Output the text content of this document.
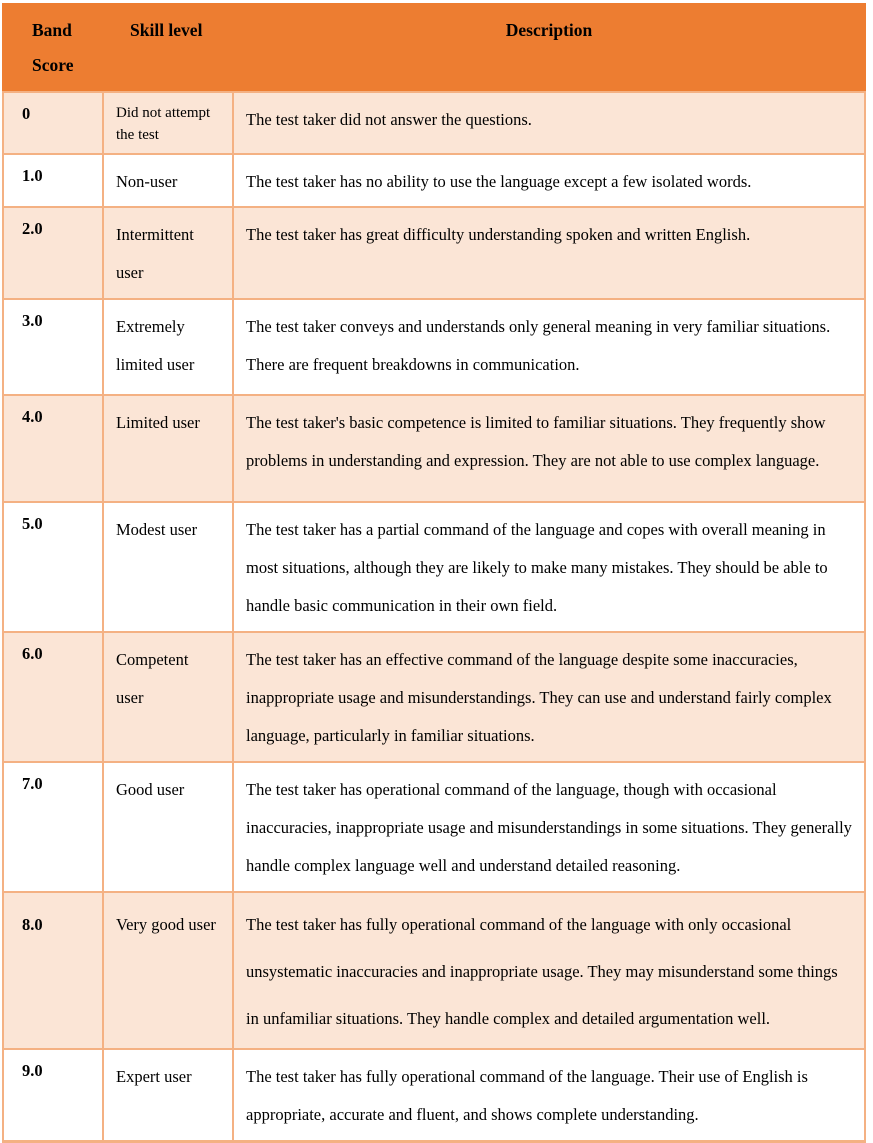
Band Score	Skill level	Description
0	Did not attempt the test	The test taker did not answer the questions.
1.0	Non-user	The test taker has no ability to use the language except a few isolated words.
2.0	Intermittent user	The test taker has great difficulty understanding spoken and written English.
3.0	Extremely limited user	The test taker conveys and understands only general meaning in very familiar situations. There are frequent breakdowns in communication.
4.0	Limited user	The test taker's basic competence is limited to familiar situations. They frequently show problems in understanding and expression. They are not able to use complex language.
5.0	Modest user	The test taker has a partial command of the language and copes with overall meaning in most situations, although they are likely to make many mistakes. They should be able to handle basic communication in their own field.
6.0	Competent user	The test taker has an effective command of the language despite some inaccuracies, inappropriate usage and misunderstandings. They can use and understand fairly complex language, particularly in familiar situations.
7.0	Good user	The test taker has operational command of the language, though with occasional inaccuracies, inappropriate usage and misunderstandings in some situations. They generally handle complex language well and understand detailed reasoning.
8.0	Very good user	The test taker has fully operational command of the language with only occasional unsystematic inaccuracies and inappropriate usage. They may misunderstand some things in unfamiliar situations. They handle complex and detailed argumentation well.
9.0	Expert user	The test taker has fully operational command of the language. Their use of English is appropriate, accurate and fluent, and shows complete understanding.
